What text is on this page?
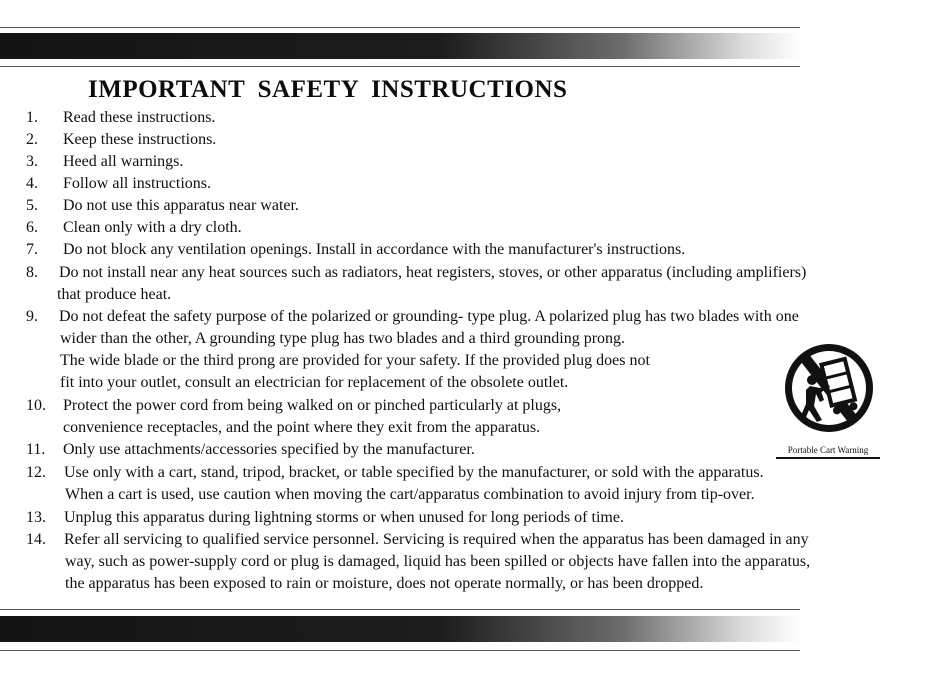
IMPORTANT SAFETY INSTRUCTIONS
1. Read these instructions.
2. Keep these instructions.
3. Heed all warnings.
4. Follow all instructions.
5. Do not use this apparatus near water.
6. Clean only with a dry cloth.
7. Do not block any ventilation openings. Install in accordance with the manufacturer's instructions.
8. Do not install near any heat sources such as radiators, heat registers, stoves, or other apparatus (including amplifiers)
that produce heat.
9. Do not defeat the safety purpose of the polarized or grounding- type plug. A polarized plug has two blades with one
wider than the other, A grounding type plug has two blades and a third grounding prong.
The wide blade or the third prong are provided for your safety. If the provided plug does not
fit into your outlet, consult an electrician for replacement of the obsolete outlet.
10. Protect the power cord from being walked on or pinched particularly at plugs,
convenience receptacles, and the point where they exit from the apparatus.
11. Only use attachments/accessories specified by the manufacturer.
12. Use only with a cart, stand, tripod, bracket, or table specified by the manufacturer, or sold with the apparatus.
When a cart is used, use caution when moving the cart/apparatus combination to avoid injury from tip-over.
13. Unplug this apparatus during lightning storms or when unused for long periods of time.
14. Refer all servicing to qualified service personnel. Servicing is required when the apparatus has been damaged in any
way, such as power-supply cord or plug is damaged, liquid has been spilled or objects have fallen into the apparatus,
the apparatus has been exposed to rain or moisture, does not operate normally, or has been dropped.
Portable Cart Warning
